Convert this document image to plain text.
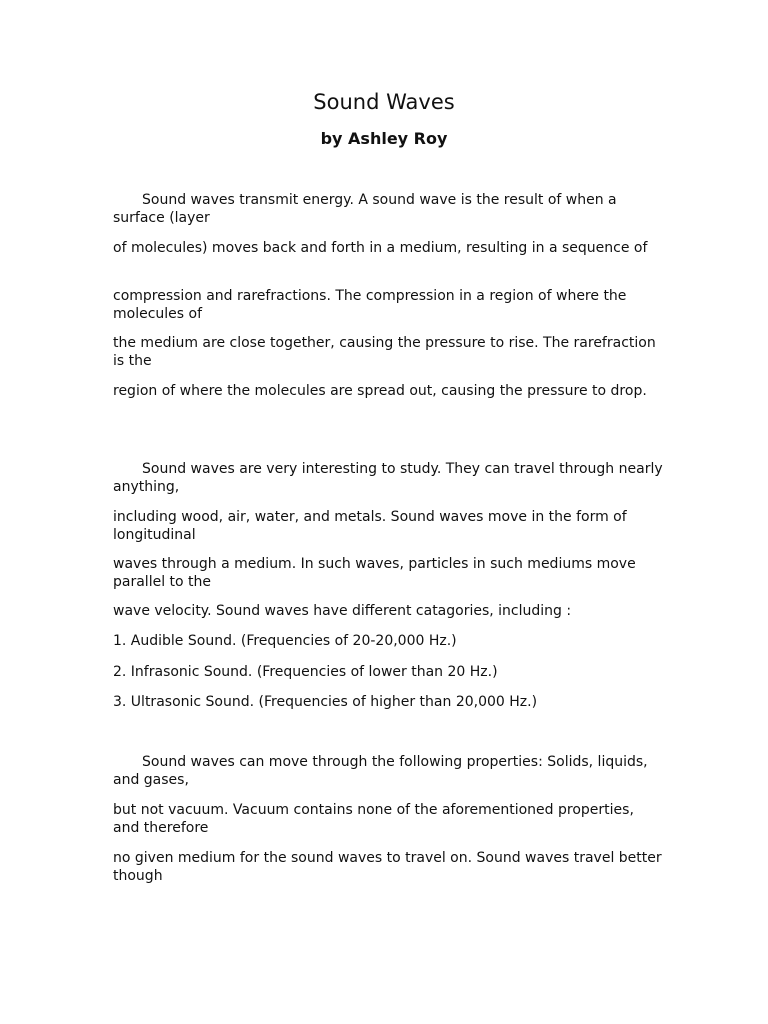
Sound Waves
by Ashley Roy

Sound waves transmit energy. A sound wave is the result of when a surface (layer

of molecules) moves back and forth in a medium, resulting in a sequence of

compression and rarefractions. The compression in a region of where the molecules of

the medium are close together, causing the pressure to rise. The rarefraction is the

region of where the molecules are spread out, causing the pressure to drop.

Sound waves are very interesting to study. They can travel through nearly anything,

including wood, air, water, and metals. Sound waves move in the form of longitudinal

waves through a medium. In such waves, particles in such mediums move parallel to the

wave velocity. Sound waves have different catagories, including :

1. Audible Sound. (Frequencies of 20-20,000 Hz.)

2. Infrasonic Sound. (Frequencies of lower than 20 Hz.)

3. Ultrasonic Sound. (Frequencies of higher than 20,000 Hz.)

Sound waves can move through the following properties: Solids, liquids, and gases,

but not vacuum. Vacuum contains none of the aforementioned properties, and therefore

no given medium for the sound waves to travel on. Sound waves travel better though
